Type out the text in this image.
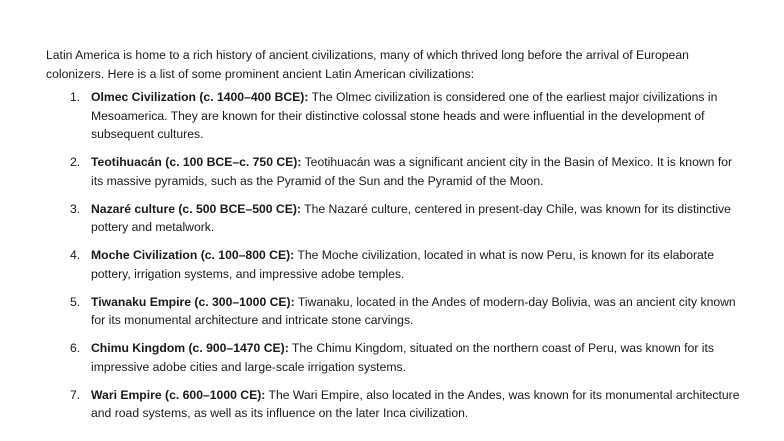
Latin America is home to a rich history of ancient civilizations, many of which thrived long before the arrival of European colonizers. Here is a list of some prominent ancient Latin American civilizations:

1. Olmec Civilization (c. 1400–400 BCE): The Olmec civilization is considered one of the earliest major civilizations in Mesoamerica. They are known for their distinctive colossal stone heads and were influential in the development of subsequent cultures.
2. Teotihuacán (c. 100 BCE–c. 750 CE): Teotihuacán was a significant ancient city in the Basin of Mexico. It is known for its massive pyramids, such as the Pyramid of the Sun and the Pyramid of the Moon.
3. Nazaré culture (c. 500 BCE–500 CE): The Nazaré culture, centered in present-day Chile, was known for its distinctive pottery and metalwork.
4. Moche Civilization (c. 100–800 CE): The Moche civilization, located in what is now Peru, is known for its elaborate pottery, irrigation systems, and impressive adobe temples.
5. Tiwanaku Empire (c. 300–1000 CE): Tiwanaku, located in the Andes of modern-day Bolivia, was an ancient city known for its monumental architecture and intricate stone carvings.
6. Chimu Kingdom (c. 900–1470 CE): The Chimu Kingdom, situated on the northern coast of Peru, was known for its impressive adobe cities and large-scale irrigation systems.
7. Wari Empire (c. 600–1000 CE): The Wari Empire, also located in the Andes, was known for its monumental architecture and road systems, as well as its influence on the later Inca civilization.
